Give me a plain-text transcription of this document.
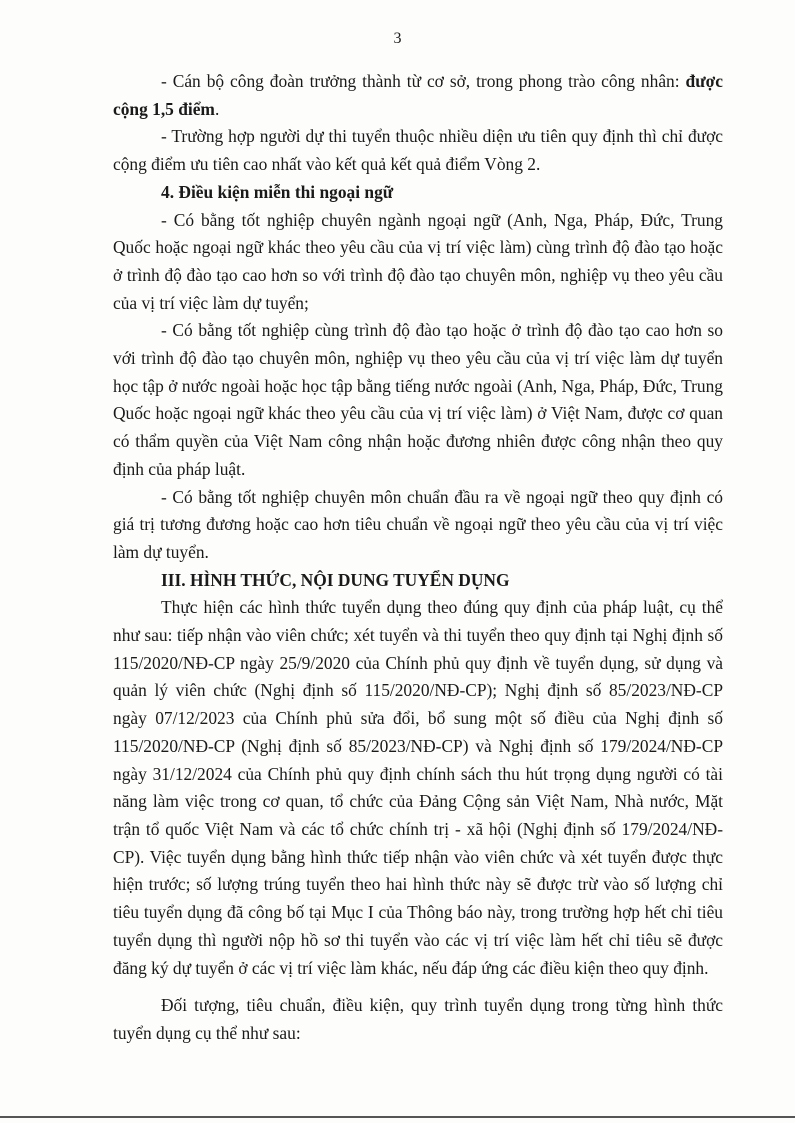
3

- Cán bộ công đoàn trưởng thành từ cơ sở, trong phong trào công nhân: được cộng 1,5 điểm.

- Trường hợp người dự thi tuyển thuộc nhiều diện ưu tiên quy định thì chỉ được cộng điểm ưu tiên cao nhất vào kết quả kết quả điểm Vòng 2.

4. Điều kiện miễn thi ngoại ngữ

- Có bằng tốt nghiệp chuyên ngành ngoại ngữ (Anh, Nga, Pháp, Đức, Trung Quốc hoặc ngoại ngữ khác theo yêu cầu của vị trí việc làm) cùng trình độ đào tạo hoặc ở trình độ đào tạo cao hơn so với trình độ đào tạo chuyên môn, nghiệp vụ theo yêu cầu của vị trí việc làm dự tuyển;

- Có bằng tốt nghiệp cùng trình độ đào tạo hoặc ở trình độ đào tạo cao hơn so với trình độ đào tạo chuyên môn, nghiệp vụ theo yêu cầu của vị trí việc làm dự tuyển học tập ở nước ngoài hoặc học tập bằng tiếng nước ngoài (Anh, Nga, Pháp, Đức, Trung Quốc hoặc ngoại ngữ khác theo yêu cầu của vị trí việc làm) ở Việt Nam, được cơ quan có thẩm quyền của Việt Nam công nhận hoặc đương nhiên được công nhận theo quy định của pháp luật.

- Có bằng tốt nghiệp chuyên môn chuẩn đầu ra về ngoại ngữ theo quy định có giá trị tương đương hoặc cao hơn tiêu chuẩn về ngoại ngữ theo yêu cầu của vị trí việc làm dự tuyển.

III. HÌNH THỨC, NỘI DUNG TUYỂN DỤNG

Thực hiện các hình thức tuyển dụng theo đúng quy định của pháp luật, cụ thể như sau: tiếp nhận vào viên chức; xét tuyển và thi tuyển theo quy định tại Nghị định số 115/2020/NĐ-CP ngày 25/9/2020 của Chính phủ quy định về tuyển dụng, sử dụng và quản lý viên chức (Nghị định số 115/2020/NĐ-CP); Nghị định số 85/2023/NĐ-CP ngày 07/12/2023 của Chính phủ sửa đổi, bổ sung một số điều của Nghị định số 115/2020/NĐ-CP (Nghị định số 85/2023/NĐ-CP) và Nghị định số 179/2024/NĐ-CP ngày 31/12/2024 của Chính phủ quy định chính sách thu hút trọng dụng người có tài năng làm việc trong cơ quan, tổ chức của Đảng Cộng sản Việt Nam, Nhà nước, Mặt trận tổ quốc Việt Nam và các tổ chức chính trị - xã hội (Nghị định số 179/2024/NĐ-CP). Việc tuyển dụng bằng hình thức tiếp nhận vào viên chức và xét tuyển được thực hiện trước; số lượng trúng tuyển theo hai hình thức này sẽ được trừ vào số lượng chỉ tiêu tuyển dụng đã công bố tại Mục I của Thông báo này, trong trường hợp hết chỉ tiêu tuyển dụng thì người nộp hồ sơ thi tuyển vào các vị trí việc làm hết chỉ tiêu sẽ được đăng ký dự tuyển ở các vị trí việc làm khác, nếu đáp ứng các điều kiện theo quy định.

Đối tượng, tiêu chuẩn, điều kiện, quy trình tuyển dụng trong từng hình thức tuyển dụng cụ thể như sau:
